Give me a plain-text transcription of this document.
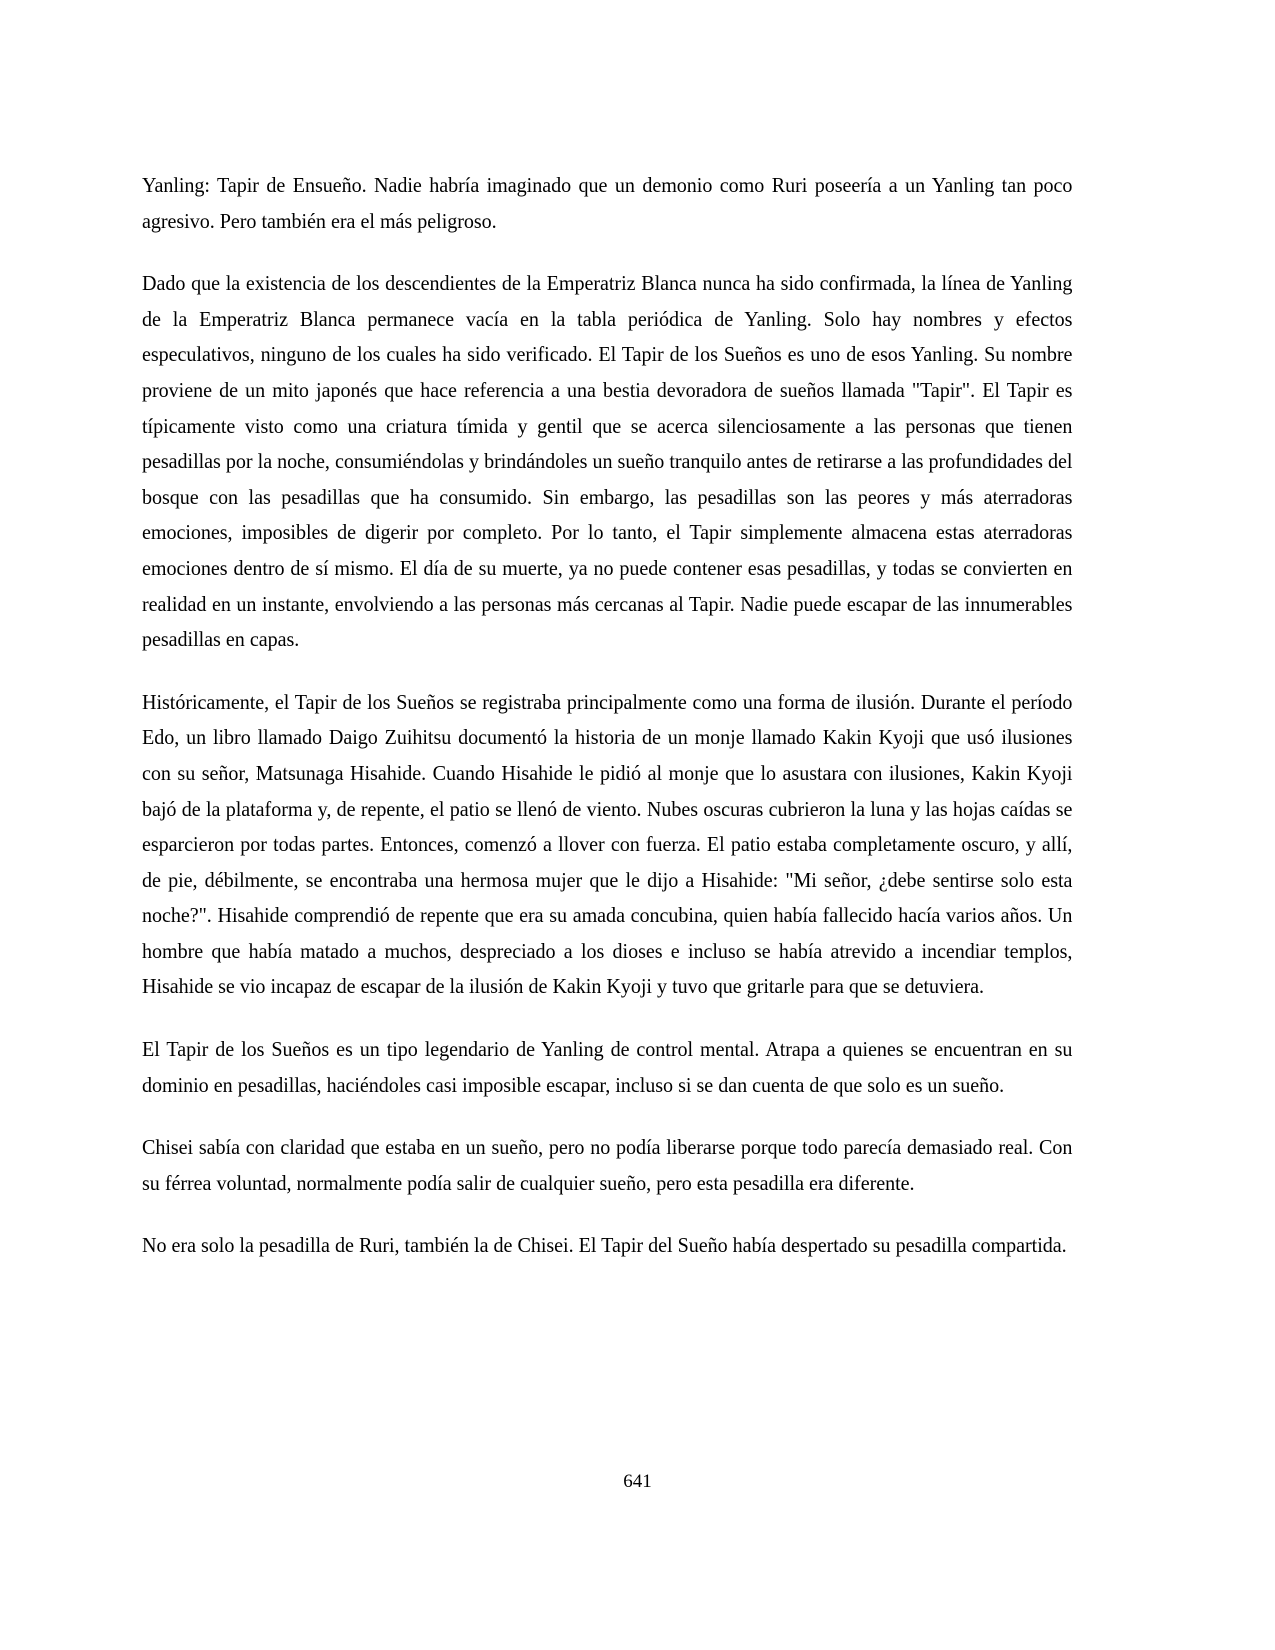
Yanling: Tapir de Ensueño. Nadie habría imaginado que un demonio como Ruri poseería a un Yanling tan poco agresivo. Pero también era el más peligroso.

Dado que la existencia de los descendientes de la Emperatriz Blanca nunca ha sido confirmada, la línea de Yanling de la Emperatriz Blanca permanece vacía en la tabla periódica de Yanling. Solo hay nombres y efectos especulativos, ninguno de los cuales ha sido verificado. El Tapir de los Sueños es uno de esos Yanling. Su nombre proviene de un mito japonés que hace referencia a una bestia devoradora de sueños llamada "Tapir". El Tapir es típicamente visto como una criatura tímida y gentil que se acerca silenciosamente a las personas que tienen pesadillas por la noche, consumiéndolas y brindándoles un sueño tranquilo antes de retirarse a las profundidades del bosque con las pesadillas que ha consumido. Sin embargo, las pesadillas son las peores y más aterradoras emociones, imposibles de digerir por completo. Por lo tanto, el Tapir simplemente almacena estas aterradoras emociones dentro de sí mismo. El día de su muerte, ya no puede contener esas pesadillas, y todas se convierten en realidad en un instante, envolviendo a las personas más cercanas al Tapir. Nadie puede escapar de las innumerables pesadillas en capas.

Históricamente, el Tapir de los Sueños se registraba principalmente como una forma de ilusión. Durante el período Edo, un libro llamado Daigo Zuihitsu documentó la historia de un monje llamado Kakin Kyoji que usó ilusiones con su señor, Matsunaga Hisahide. Cuando Hisahide le pidió al monje que lo asustara con ilusiones, Kakin Kyoji bajó de la plataforma y, de repente, el patio se llenó de viento. Nubes oscuras cubrieron la luna y las hojas caídas se esparcieron por todas partes. Entonces, comenzó a llover con fuerza. El patio estaba completamente oscuro, y allí, de pie, débilmente, se encontraba una hermosa mujer que le dijo a Hisahide: "Mi señor, ¿debe sentirse solo esta noche?". Hisahide comprendió de repente que era su amada concubina, quien había fallecido hacía varios años. Un hombre que había matado a muchos, despreciado a los dioses e incluso se había atrevido a incendiar templos, Hisahide se vio incapaz de escapar de la ilusión de Kakin Kyoji y tuvo que gritarle para que se detuviera.

El Tapir de los Sueños es un tipo legendario de Yanling de control mental. Atrapa a quienes se encuentran en su dominio en pesadillas, haciéndoles casi imposible escapar, incluso si se dan cuenta de que solo es un sueño.

Chisei sabía con claridad que estaba en un sueño, pero no podía liberarse porque todo parecía demasiado real. Con su férrea voluntad, normalmente podía salir de cualquier sueño, pero esta pesadilla era diferente.

No era solo la pesadilla de Ruri, también la de Chisei. El Tapir del Sueño había despertado su pesadilla compartida.

641
